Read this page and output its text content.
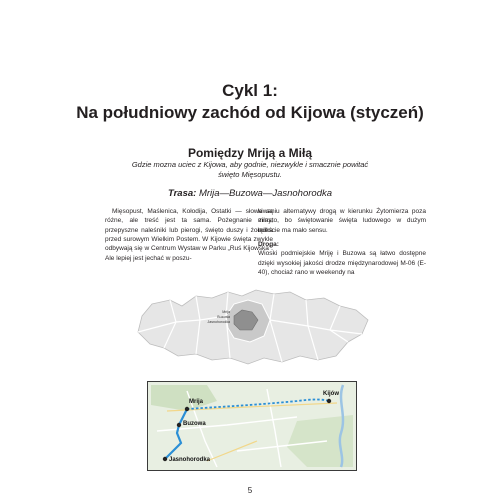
Cykl 1:
Na południowy zachód od Kijowa (styczeń)
Pomiędzy Mriją a Miłą
Gdzie mozna uciec z Kijowa, aby godnie, niezwykle i smacznie powitać święto Mięsopustu.
Trasa: Mrija—Buzowa—Jasnohorodka

Mięsopust, Maślenica, Kołodija, Ostatki — słowa są różne, ale treść jest ta sama. Pożegnanie zimy, przepyszne naleśniki lub pierogi, święto duszy i żołądka przed surowym Wielkim Postem. W Kijowie święta zwykle odbywają się w Centrum Wystaw w Parku „Ruś Kijowska". Ale lepiej jest jechać w poszu-

kiwaniu alternatywy drogą w kierunku Żytomierza poza miasto, bo świętowanie święta ludowego w dużym mieście ma mało sensu.

Droga:

Wioski podmiejskie Mriję i Buzowa są łatwo dostępne dzięki wysokiej jakości drodze międzynarodowej M-06 (E-40), chociaż rano w weekendy na

Mrija
Buzowa
Jasnohorodka
Mrija
Buzowa
Jasnohorodka
Kijów
5
